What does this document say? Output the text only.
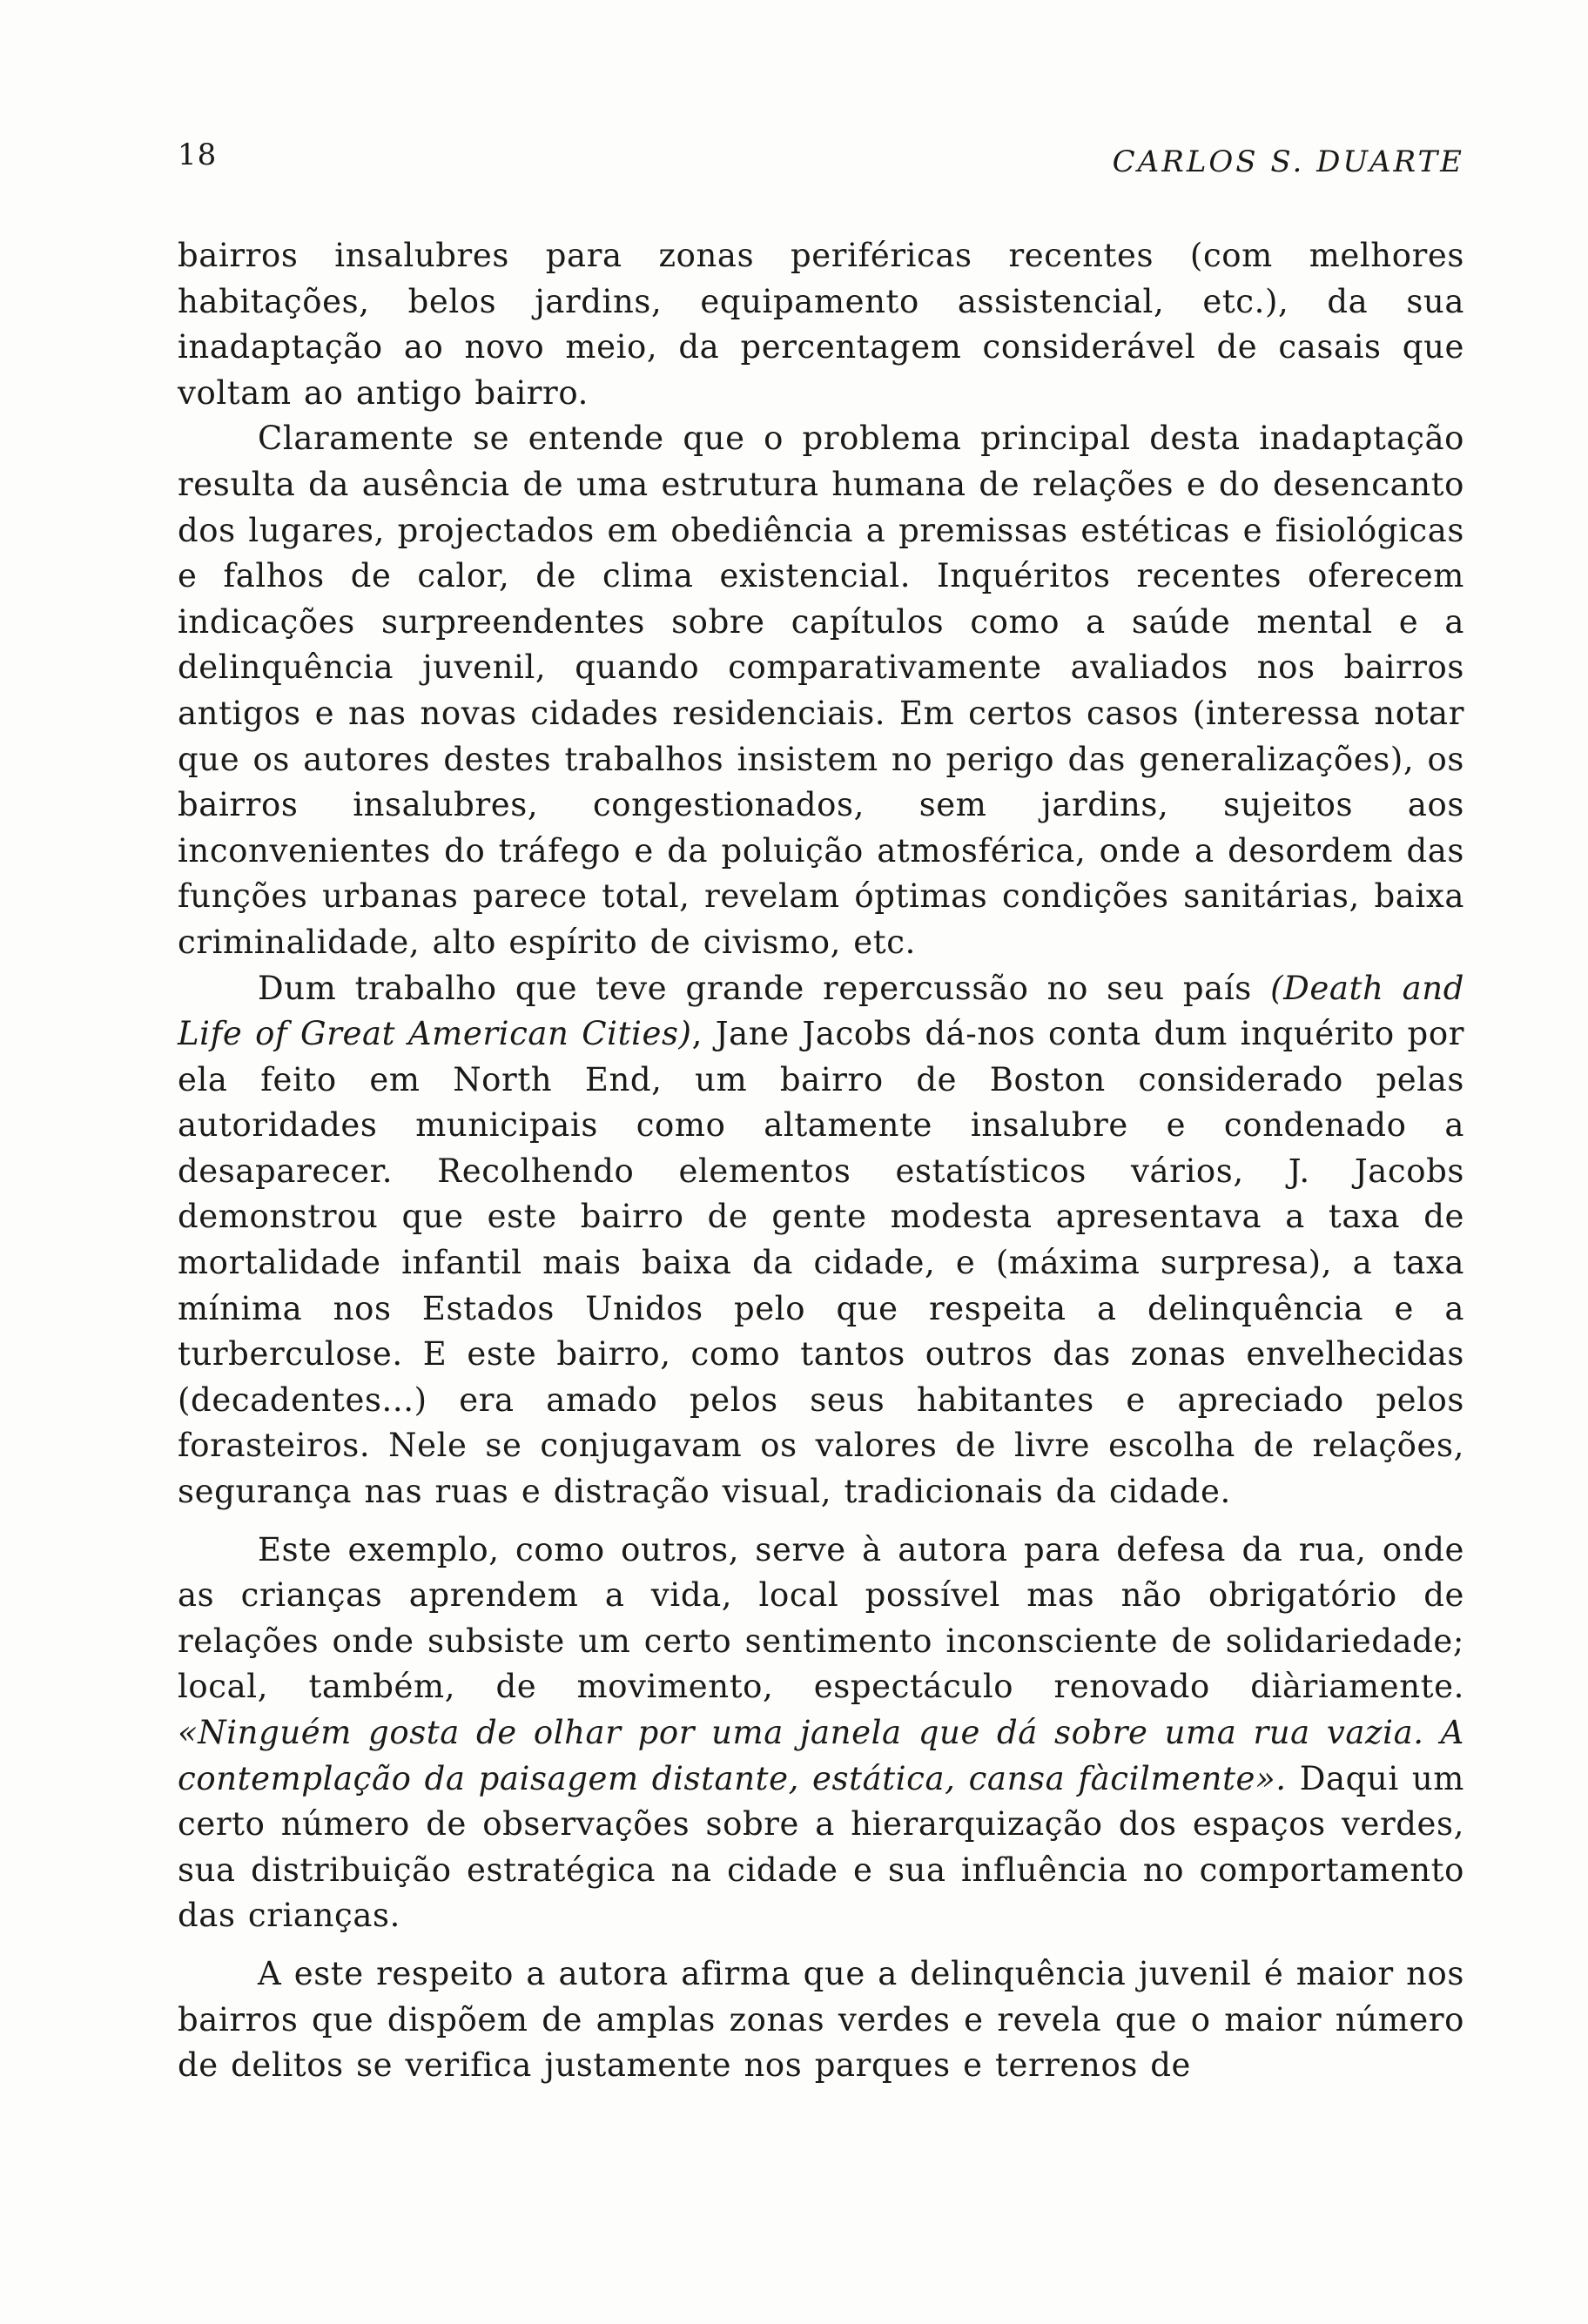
18	CARLOS S. DUARTE

bairros insalubres para zonas periféricas recentes (com melhores habitações, belos jardins, equipamento assistencial, etc.), da sua inadaptação ao novo meio, da percentagem considerável de casais que voltam ao antigo bairro.

Claramente se entende que o problema principal desta inadaptação resulta da ausência de uma estrutura humana de relações e do desencanto dos lugares, projectados em obediência a premissas estéticas e fisiológicas e falhos de calor, de clima existencial. Inquéritos recentes oferecem indicações surpreendentes sobre capítulos como a saúde mental e a delinquência juvenil, quando comparativamente avaliados nos bairros antigos e nas novas cidades residenciais. Em certos casos (interessa notar que os autores destes trabalhos insistem no perigo das generalizações), os bairros insalubres, congestionados, sem jardins, sujeitos aos inconvenientes do tráfego e da poluição atmosférica, onde a desordem das funções urbanas parece total, revelam óptimas condições sanitárias, baixa criminalidade, alto espírito de civismo, etc.

Dum trabalho que teve grande repercussão no seu país (Death and Life of Great American Cities), Jane Jacobs dá-nos conta dum inquérito por ela feito em North End, um bairro de Boston considerado pelas autoridades municipais como altamente insalubre e condenado a desaparecer. Recolhendo elementos estatísticos vários, J. Jacobs demonstrou que este bairro de gente modesta apresentava a taxa de mortalidade infantil mais baixa da cidade, e (máxima surpresa), a taxa mínima nos Estados Unidos pelo que respeita a delinquência e a turberculose. E este bairro, como tantos outros das zonas envelhecidas (decadentes...) era amado pelos seus habitantes e apreciado pelos forasteiros. Nele se conjugavam os valores de livre escolha de relações, segurança nas ruas e distração visual, tradicionais da cidade.

Este exemplo, como outros, serve à autora para defesa da rua, onde as crianças aprendem a vida, local possível mas não obrigatório de relações onde subsiste um certo sentimento inconsciente de solidariedade; local, também, de movimento, espectáculo renovado diàriamente. «Ninguém gosta de olhar por uma janela que dá sobre uma rua vazia. A contemplação da paisagem distante, estática, cansa fàcilmente». Daqui um certo número de observações sobre a hierarquização dos espaços verdes, sua distribuição estratégica na cidade e sua influência no comportamento das crianças.

A este respeito a autora afirma que a delinquência juvenil é maior nos bairros que dispõem de amplas zonas verdes e revela que o maior número de delitos se verifica justamente nos parques e terrenos de
